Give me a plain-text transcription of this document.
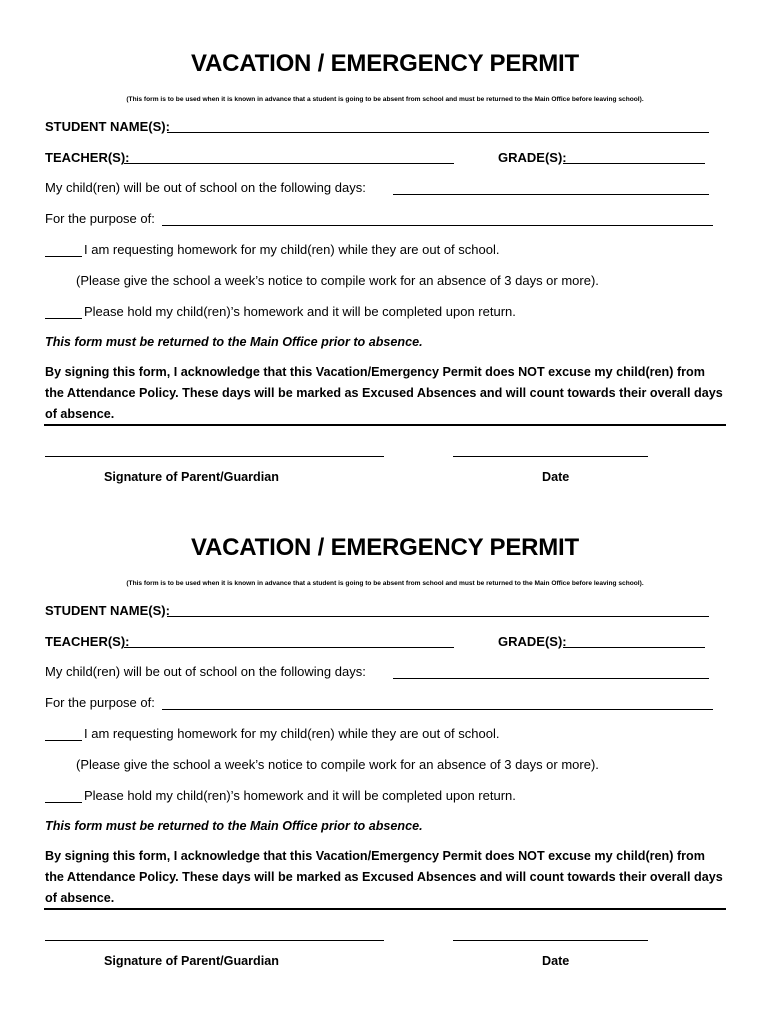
VACATION / EMERGENCY PERMIT
(This form is to be used when it is known in advance that a student is going to be absent from school and must be returned to the Main Office before leaving school).
STUDENT NAME(S):
TEACHER(S):	GRADE(S):
My child(ren) will be out of school on the following days:
For the purpose of:
I am requesting homework for my child(ren) while they are out of school.
(Please give the school a week’s notice to compile work for an absence of 3 days or more).
Please hold my child(ren)’s homework and it will be completed upon return.
This form must be returned to the Main Office prior to absence.
By signing this form, I acknowledge that this Vacation/Emergency Permit does NOT excuse my child(ren) from the Attendance Policy. These days will be marked as Excused Absences and will count towards their overall days of absence.
Signature of Parent/Guardian	Date
VACATION / EMERGENCY PERMIT
(This form is to be used when it is known in advance that a student is going to be absent from school and must be returned to the Main Office before leaving school).
STUDENT NAME(S):
TEACHER(S):	GRADE(S):
My child(ren) will be out of school on the following days:
For the purpose of:
I am requesting homework for my child(ren) while they are out of school.
(Please give the school a week’s notice to compile work for an absence of 3 days or more).
Please hold my child(ren)’s homework and it will be completed upon return.
This form must be returned to the Main Office prior to absence.
By signing this form, I acknowledge that this Vacation/Emergency Permit does NOT excuse my child(ren) from the Attendance Policy. These days will be marked as Excused Absences and will count towards their overall days of absence.
Signature of Parent/Guardian	Date
